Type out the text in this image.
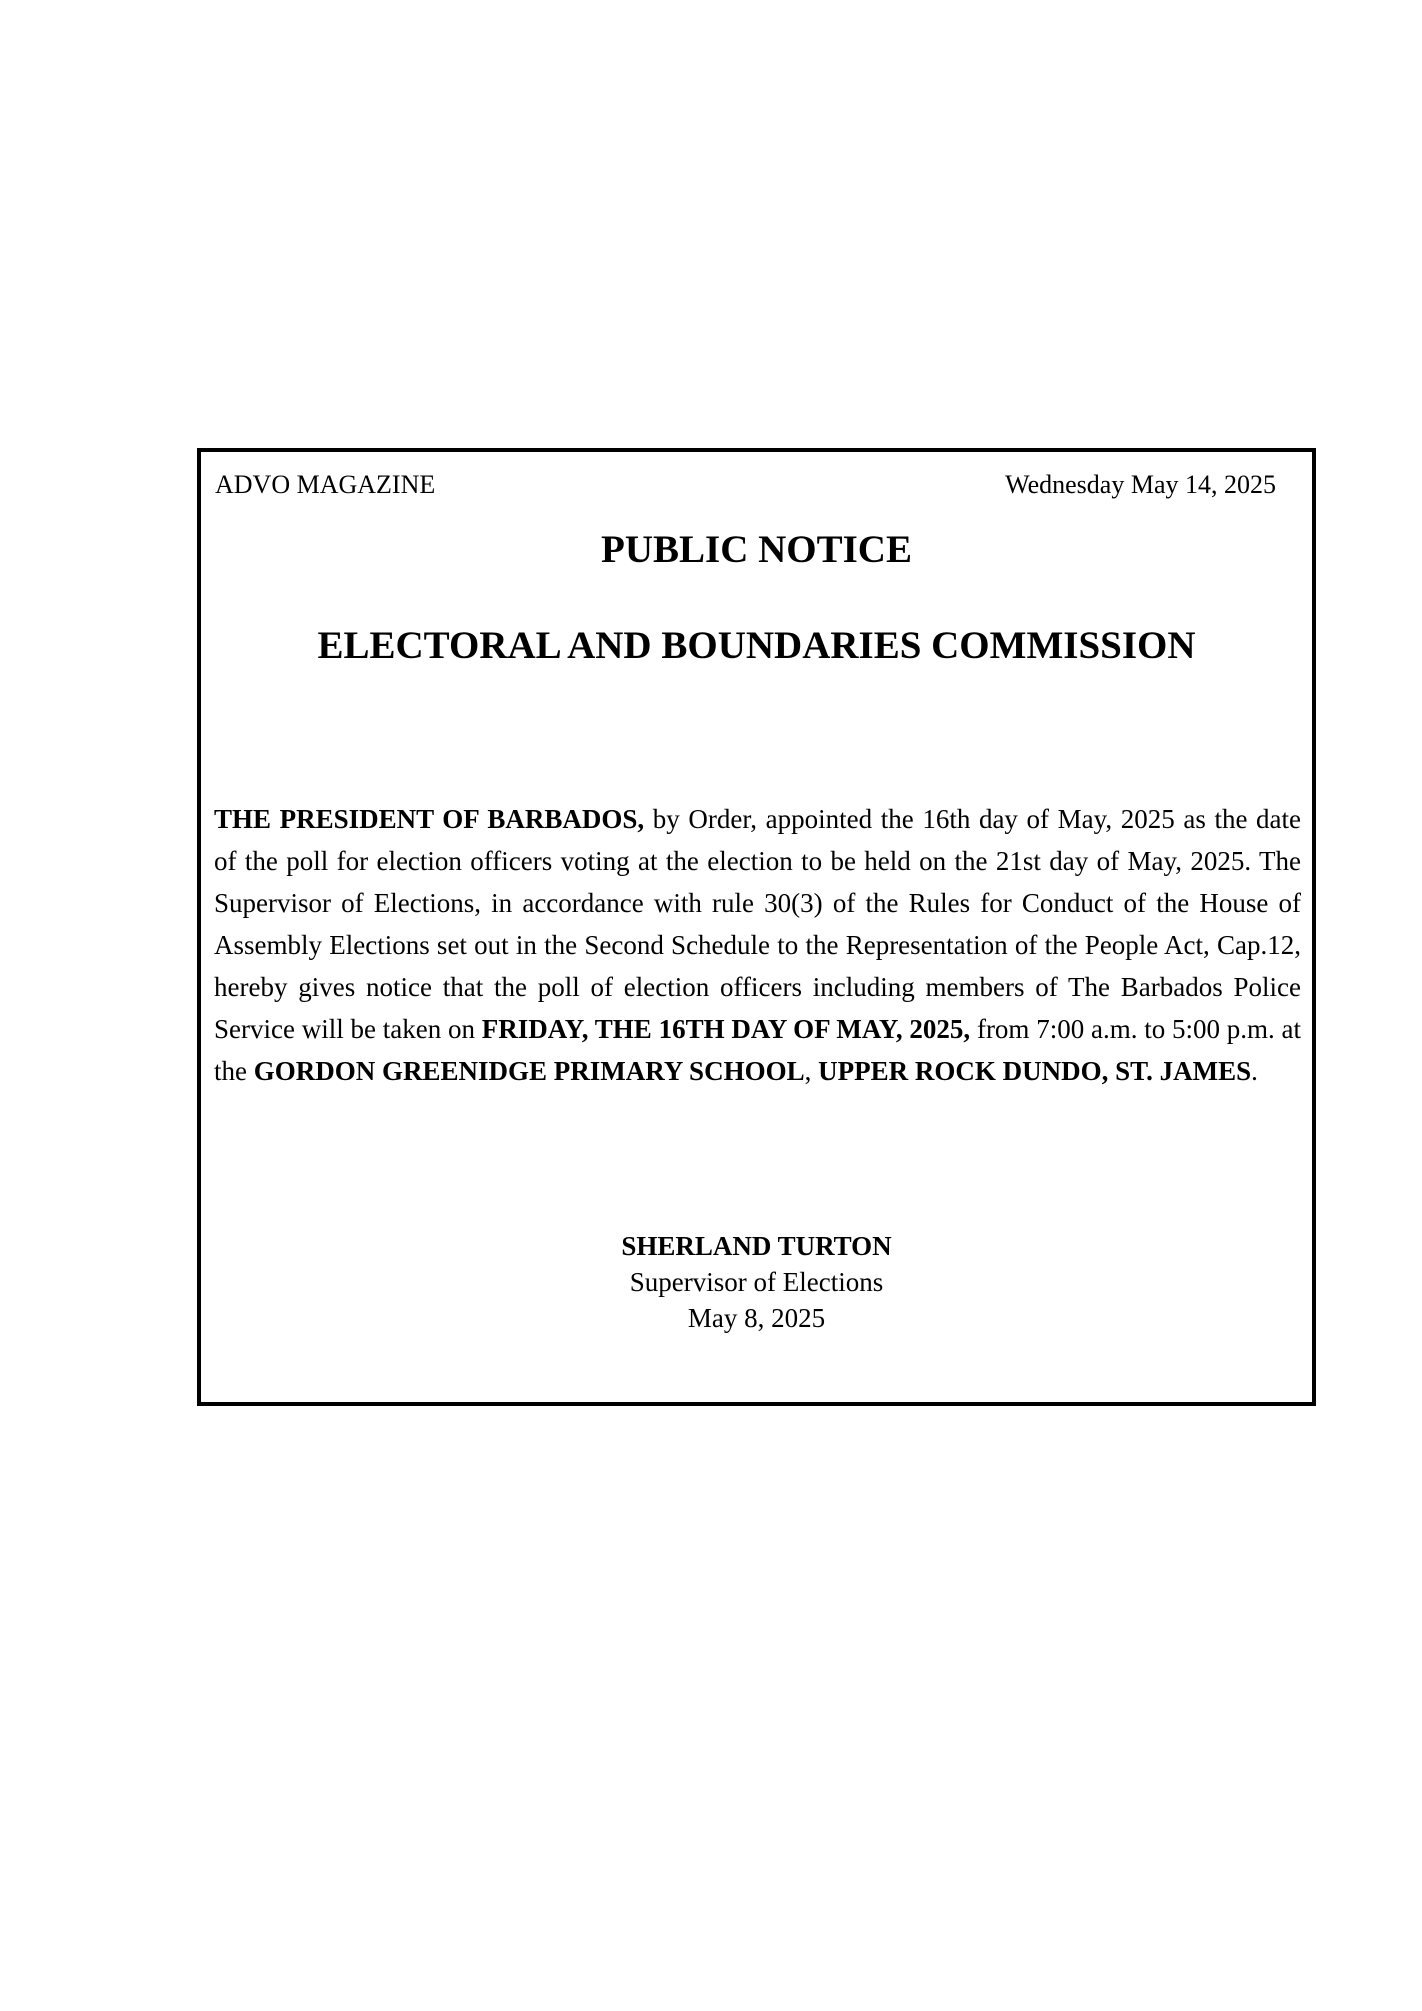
ADVO MAGAZINE	Wednesday May 14, 2025
PUBLIC NOTICE
ELECTORAL AND BOUNDARIES COMMISSION

THE PRESIDENT OF BARBADOS, by Order, appointed the 16th day of May, 2025 as the date of the poll for election officers voting at the election to be held on the 21st day of May, 2025. The Supervisor of Elections, in accordance with rule 30(3) of the Rules for Conduct of the House of Assembly Elections set out in the Second Schedule to the Representation of the People Act, Cap.12, hereby gives notice that the poll of election officers including members of The Barbados Police Service will be taken on FRIDAY, THE 16TH DAY OF MAY, 2025, from 7:00 a.m. to 5:00 p.m. at the GORDON GREENIDGE PRIMARY SCHOOL, UPPER ROCK DUNDO, ST. JAMES.

SHERLAND TURTON
Supervisor of Elections
May 8, 2025
